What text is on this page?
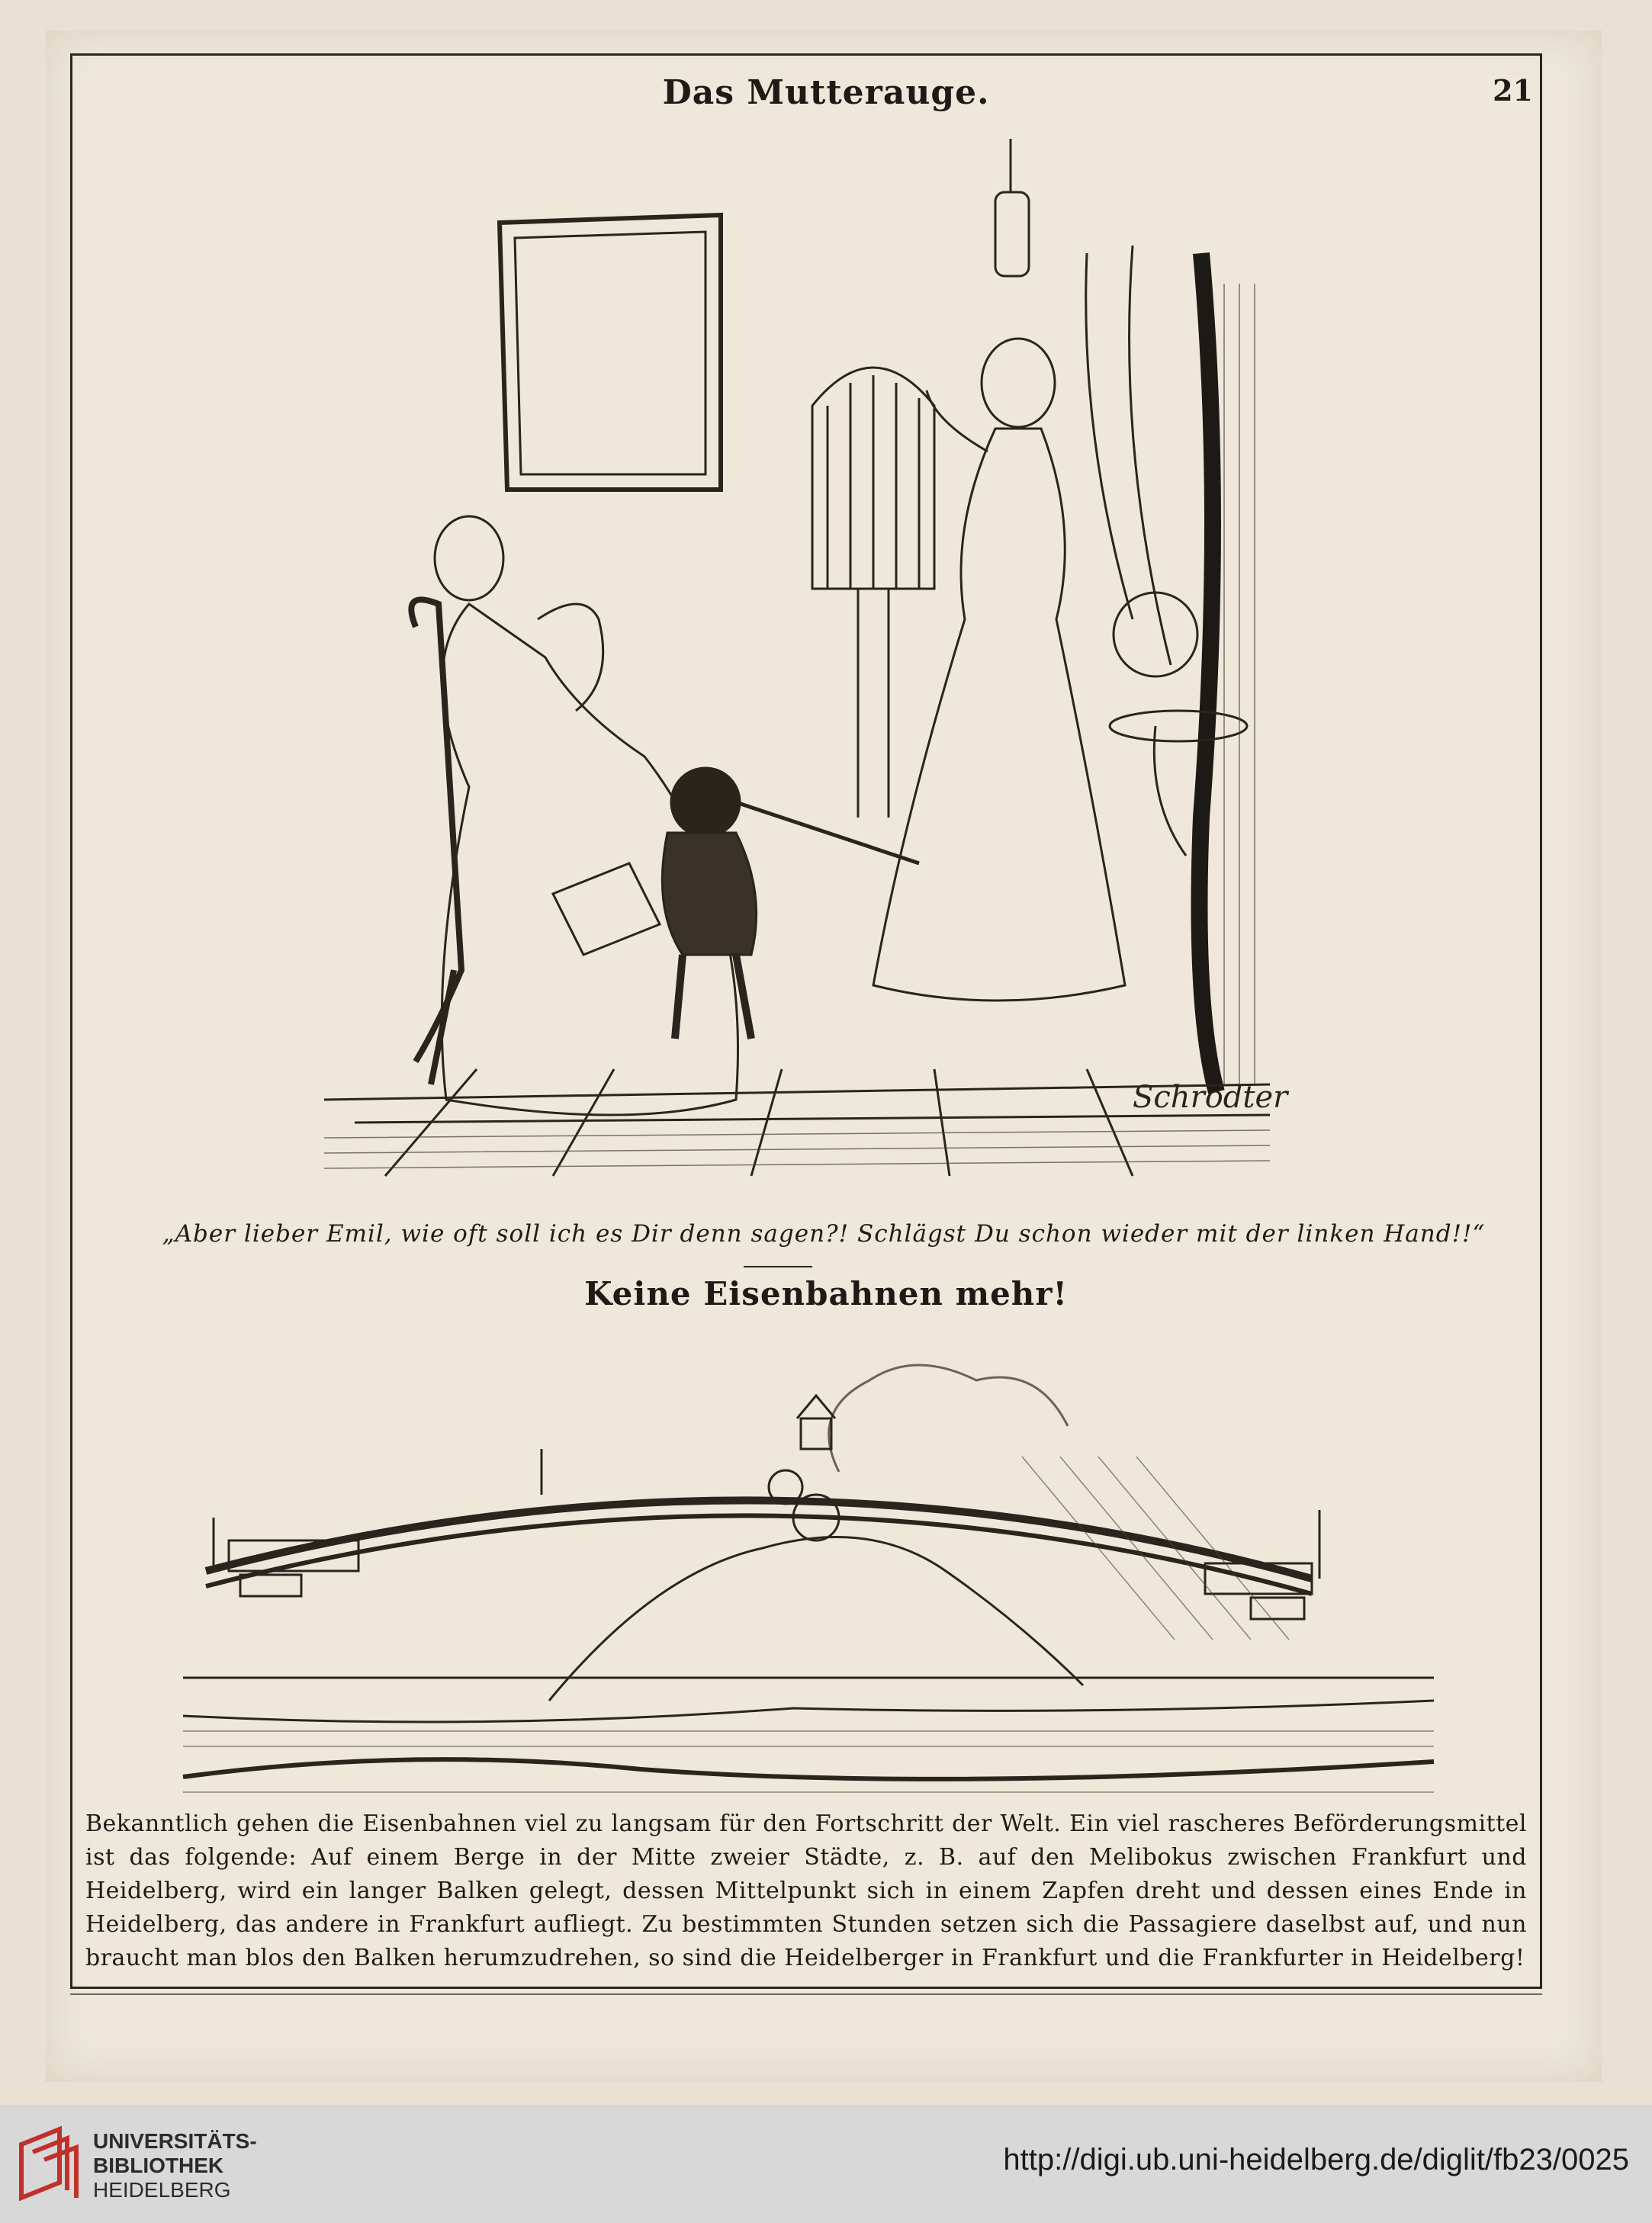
Das Mutterauge.	21
Schrödter
„Aber lieber Emil, wie oft soll ich es Dir denn sagen?! Schlägst Du schon wieder mit der linken Hand!!“
Keine Eisenbahnen mehr!
Bekanntlich gehen die Eisenbahnen viel zu langsam für den Fortschritt der Welt. Ein viel rascheres Beförderungsmittel ist das folgende: Auf einem Berge in der Mitte zweier Städte, z. B. auf den Melibokus zwischen Frankfurt und Heidelberg, wird ein langer Balken gelegt, dessen Mittelpunkt sich in einem Zapfen dreht und dessen eines Ende in Heidelberg, das andere in Frankfurt aufliegt. Zu bestimmten Stunden setzen sich die Passagiere daselbst auf, und nun braucht man blos den Balken herumzudrehen, so sind die Heidelberger in Frankfurt und die Frankfurter in Heidelberg!
UNIVERSITÄTS-
BIBLIOTHEK
HEIDELBERG
http://digi.ub.uni-heidelberg.de/diglit/fb23/0025
